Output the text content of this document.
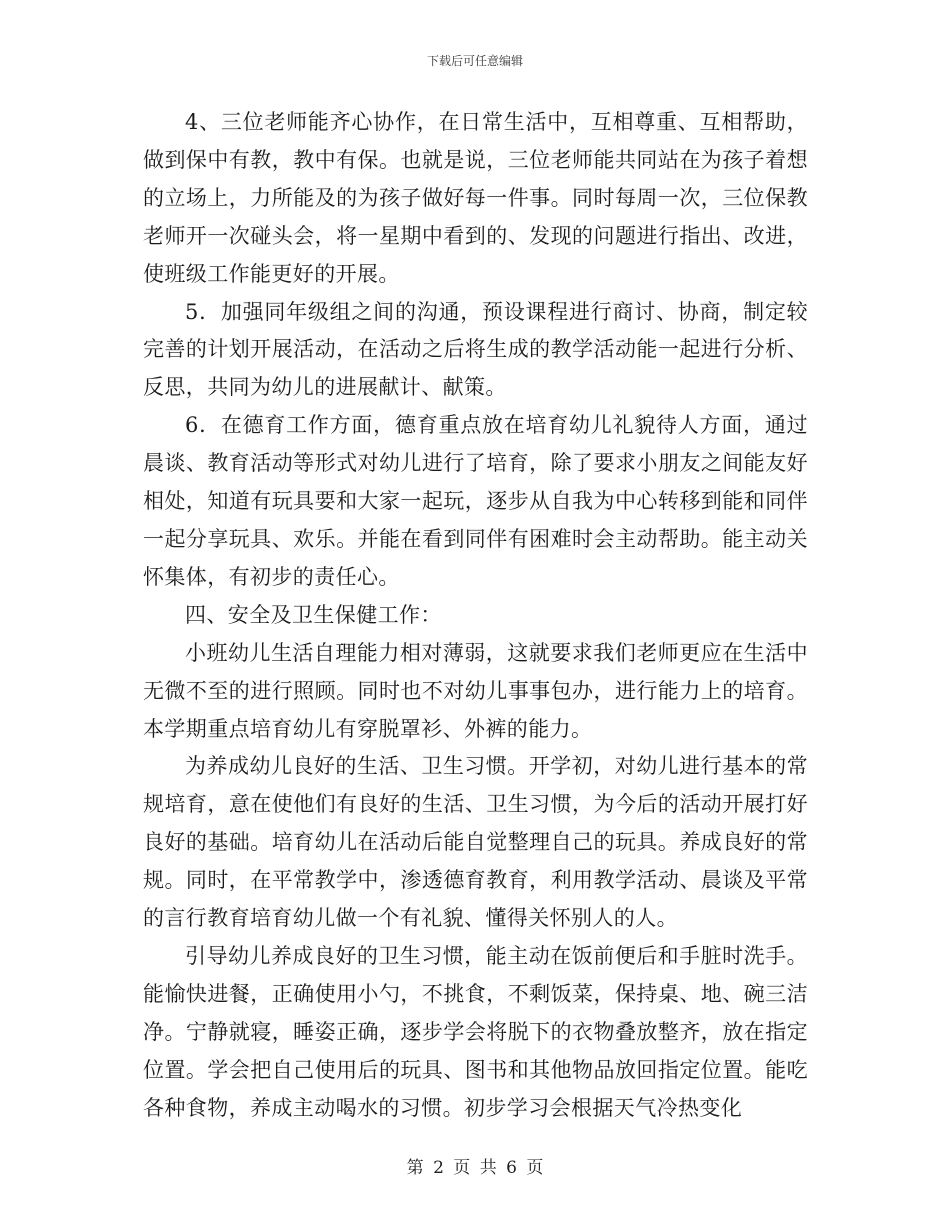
下载后可任意编辑

4、三位老师能齐心协作，在日常生活中，互相尊重、互相帮助，做到保中有教，教中有保。也就是说，三位老师能共同站在为孩子着想的立场上，力所能及的为孩子做好每一件事。同时每周一次，三位保教老师开一次碰头会，将一星期中看到的、发现的问题进行指出、改进，使班级工作能更好的开展。

5．加强同年级组之间的沟通，预设课程进行商讨、协商，制定较完善的计划开展活动，在活动之后将生成的教学活动能一起进行分析、反思，共同为幼儿的进展献计、献策。

6．在德育工作方面，德育重点放在培育幼儿礼貌待人方面，通过晨谈、教育活动等形式对幼儿进行了培育，除了要求小朋友之间能友好相处，知道有玩具要和大家一起玩，逐步从自我为中心转移到能和同伴一起分享玩具、欢乐。并能在看到同伴有困难时会主动帮助。能主动关怀集体，有初步的责任心。

四、安全及卫生保健工作：

小班幼儿生活自理能力相对薄弱，这就要求我们老师更应在生活中无微不至的进行照顾。同时也不对幼儿事事包办，进行能力上的培育。本学期重点培育幼儿有穿脱罩衫、外裤的能力。

为养成幼儿良好的生活、卫生习惯。开学初，对幼儿进行基本的常规培育，意在使他们有良好的生活、卫生习惯，为今后的活动开展打好良好的基础。培育幼儿在活动后能自觉整理自己的玩具。养成良好的常规。同时，在平常教学中，渗透德育教育，利用教学活动、晨谈及平常的言行教育培育幼儿做一个有礼貌、懂得关怀别人的人。

引导幼儿养成良好的卫生习惯，能主动在饭前便后和手脏时洗手。能愉快进餐，正确使用小勺，不挑食，不剩饭菜，保持桌、地、碗三洁净。宁静就寝，睡姿正确，逐步学会将脱下的衣物叠放整齐，放在指定位置。学会把自己使用后的玩具、图书和其他物品放回指定位置。能吃各种食物，养成主动喝水的习惯。初步学习会根据天气冷热变化

第 2 页 共 6 页
